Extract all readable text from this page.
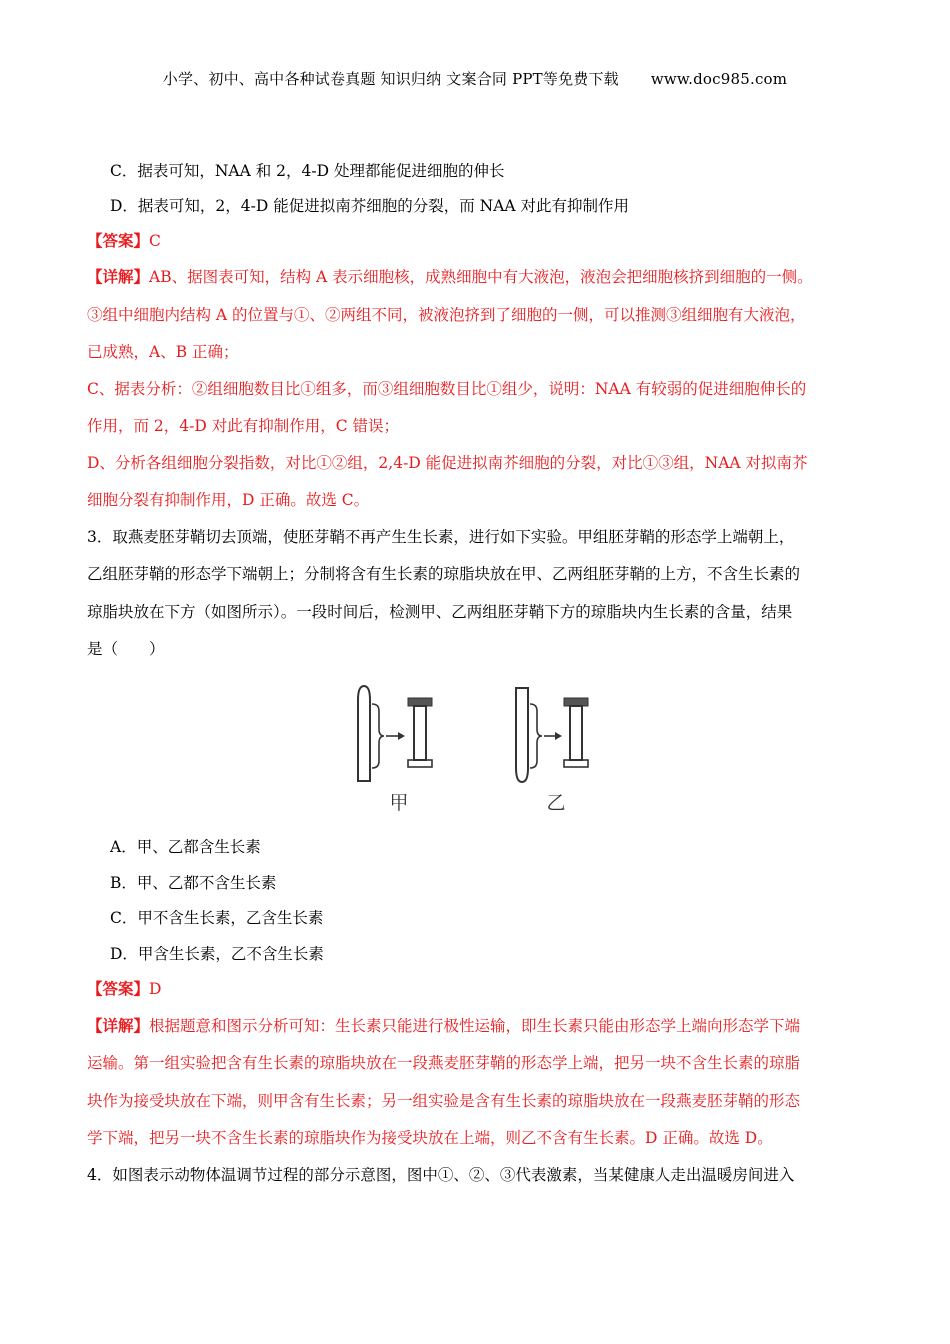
小学、初中、高中各种试卷真题 知识归纳 文案合同 PPT等免费下载 www.doc985.com
C．据表可知，NAA 和 2，4-D 处理都能促进细胞的伸长
D．据表可知，2，4-D 能促进拟南芥细胞的分裂，而 NAA 对此有抑制作用
【答案】C
【详解】AB、据图表可知，结构 A 表示细胞核，成熟细胞中有大液泡，液泡会把细胞核挤到细胞的一侧。
③组中细胞内结构 A 的位置与①、②两组不同，被液泡挤到了细胞的一侧，可以推测③组细胞有大液泡，
已成熟，A、B 正确；
C、据表分析：②组细胞数目比①组多，而③组细胞数目比①组少，说明：NAA 有较弱的促进细胞伸长的
作用，而 2，4-D 对此有抑制作用，C 错误；
D、分析各组细胞分裂指数，对比①②组，2,4-D 能促进拟南芥细胞的分裂，对比①③组，NAA 对拟南芥
细胞分裂有抑制作用，D 正确。故选 C。
3．取燕麦胚芽鞘切去顶端，使胚芽鞘不再产生生长素，进行如下实验。甲组胚芽鞘的形态学上端朝上，
乙组胚芽鞘的形态学下端朝上；分制将含有生长素的琼脂块放在甲、乙两组胚芽鞘的上方，不含生长素的
琼脂块放在下方（如图所示）。一段时间后，检测甲、乙两组胚芽鞘下方的琼脂块内生长素的含量，结果
是（　　）
甲	乙
A．甲、乙都含生长素
B．甲、乙都不含生长素
C．甲不含生长素，乙含生长素
D．甲含生长素，乙不含生长素
【答案】D
【详解】根据题意和图示分析可知：生长素只能进行极性运输，即生长素只能由形态学上端向形态学下端
运输。第一组实验把含有生长素的琼脂块放在一段燕麦胚芽鞘的形态学上端，把另一块不含生长素的琼脂
块作为接受块放在下端，则甲含有生长素；另一组实验是含有生长素的琼脂块放在一段燕麦胚芽鞘的形态
学下端，把另一块不含生长素的琼脂块作为接受块放在上端，则乙不含有生长素。D 正确。故选 D。
4．如图表示动物体温调节过程的部分示意图，图中①、②、③代表激素，当某健康人走出温暖房间进入
